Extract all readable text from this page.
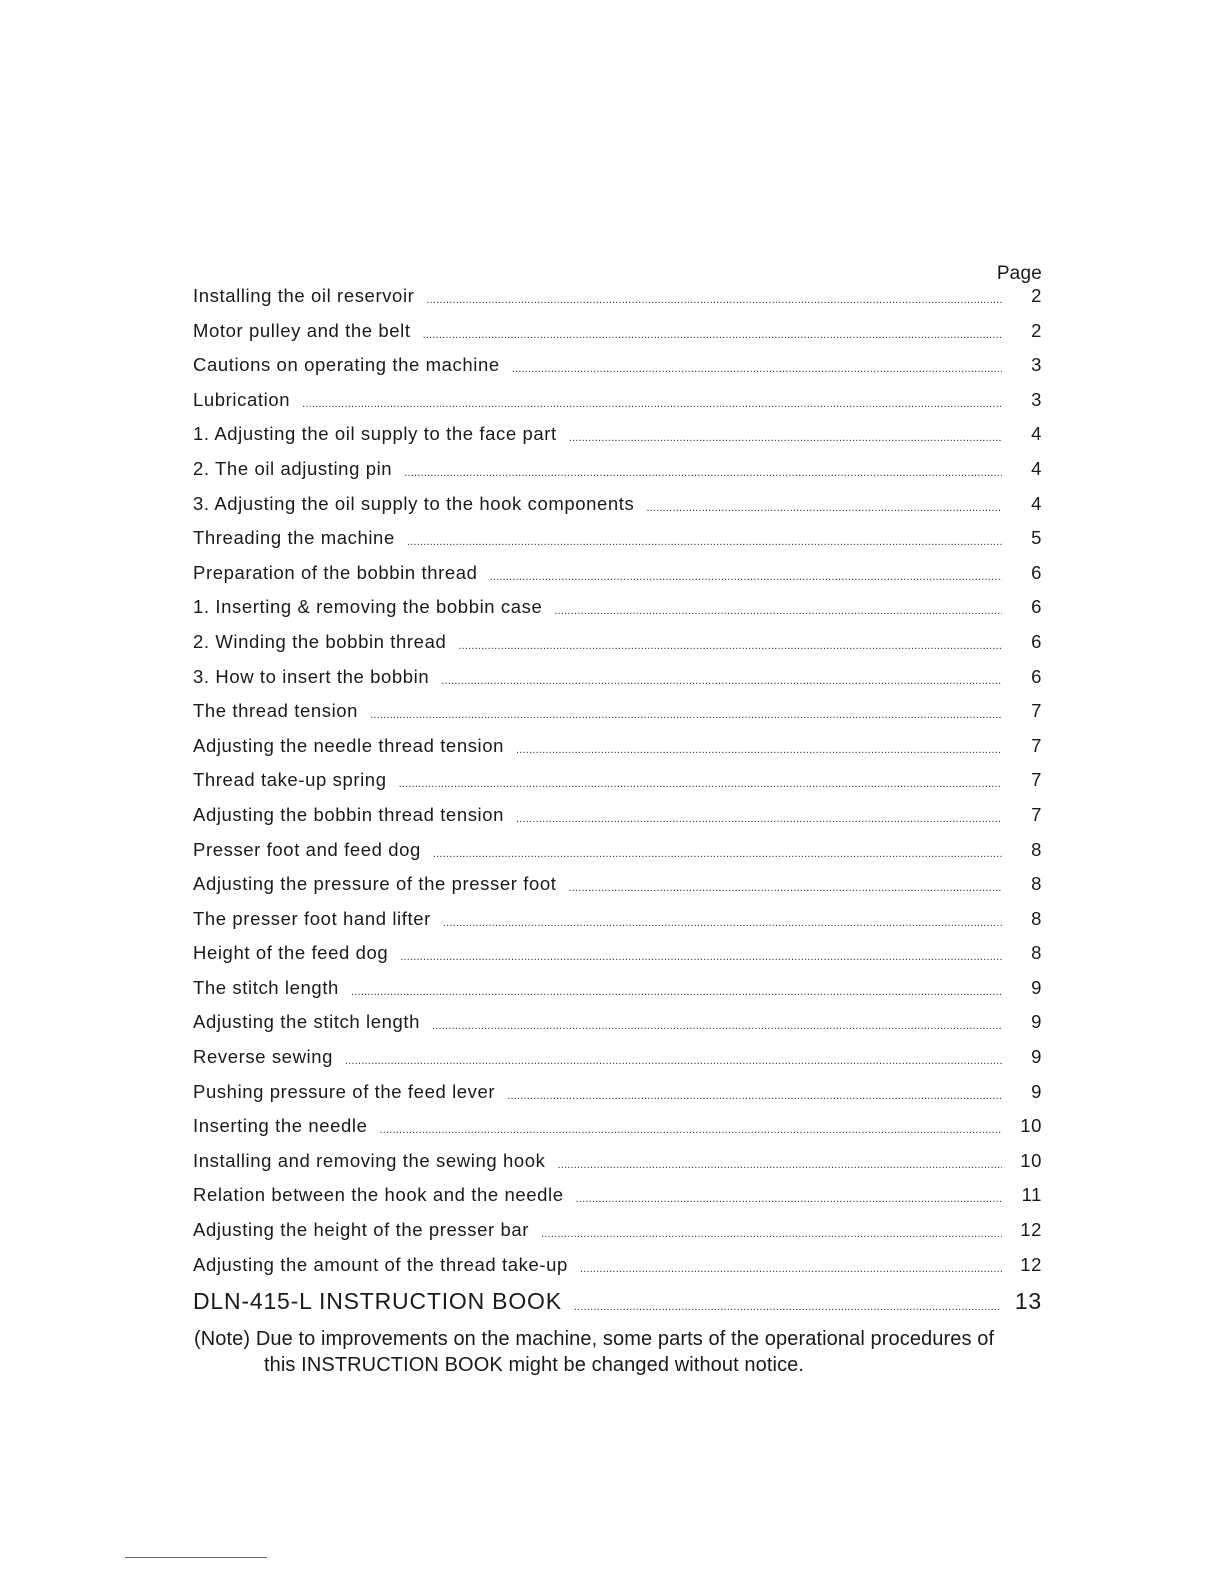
Page
Installing the oil reservoir .....	2
Motor pulley and the belt .....	2
Cautions on operating the machine .....	3
Lubrication .....	3
1. Adjusting the oil supply to the face part .....	4
2. The oil adjusting pin .....	4
3. Adjusting the oil supply to the hook components .....	4
Threading the machine .....	5
Preparation of the bobbin thread .....	6
1. Inserting & removing the bobbin case .....	6
2. Winding the bobbin thread .....	6
3. How to insert the bobbin .....	6
The thread tension .....	7
Adjusting the needle thread tension .....	7
Thread take-up spring .....	7
Adjusting the bobbin thread tension .....	7
Presser foot and feed dog .....	8
Adjusting the pressure of the presser foot .....	8
The presser foot hand lifter .....	8
Height of the feed dog .....	8
The stitch length .....	9
Adjusting the stitch length .....	9
Reverse sewing .....	9
Pushing pressure of the feed lever .....	9
Inserting the needle .....	10
Installing and removing the sewing hook .....	10
Relation between the hook and the needle .....	11
Adjusting the height of the presser bar .....	12
Adjusting the amount of the thread take-up .....	12
DLN-415-L INSTRUCTION BOOK .....	13
(Note) Due to improvements on the machine, some parts of the operational procedures of
this INSTRUCTION BOOK might be changed without notice.
